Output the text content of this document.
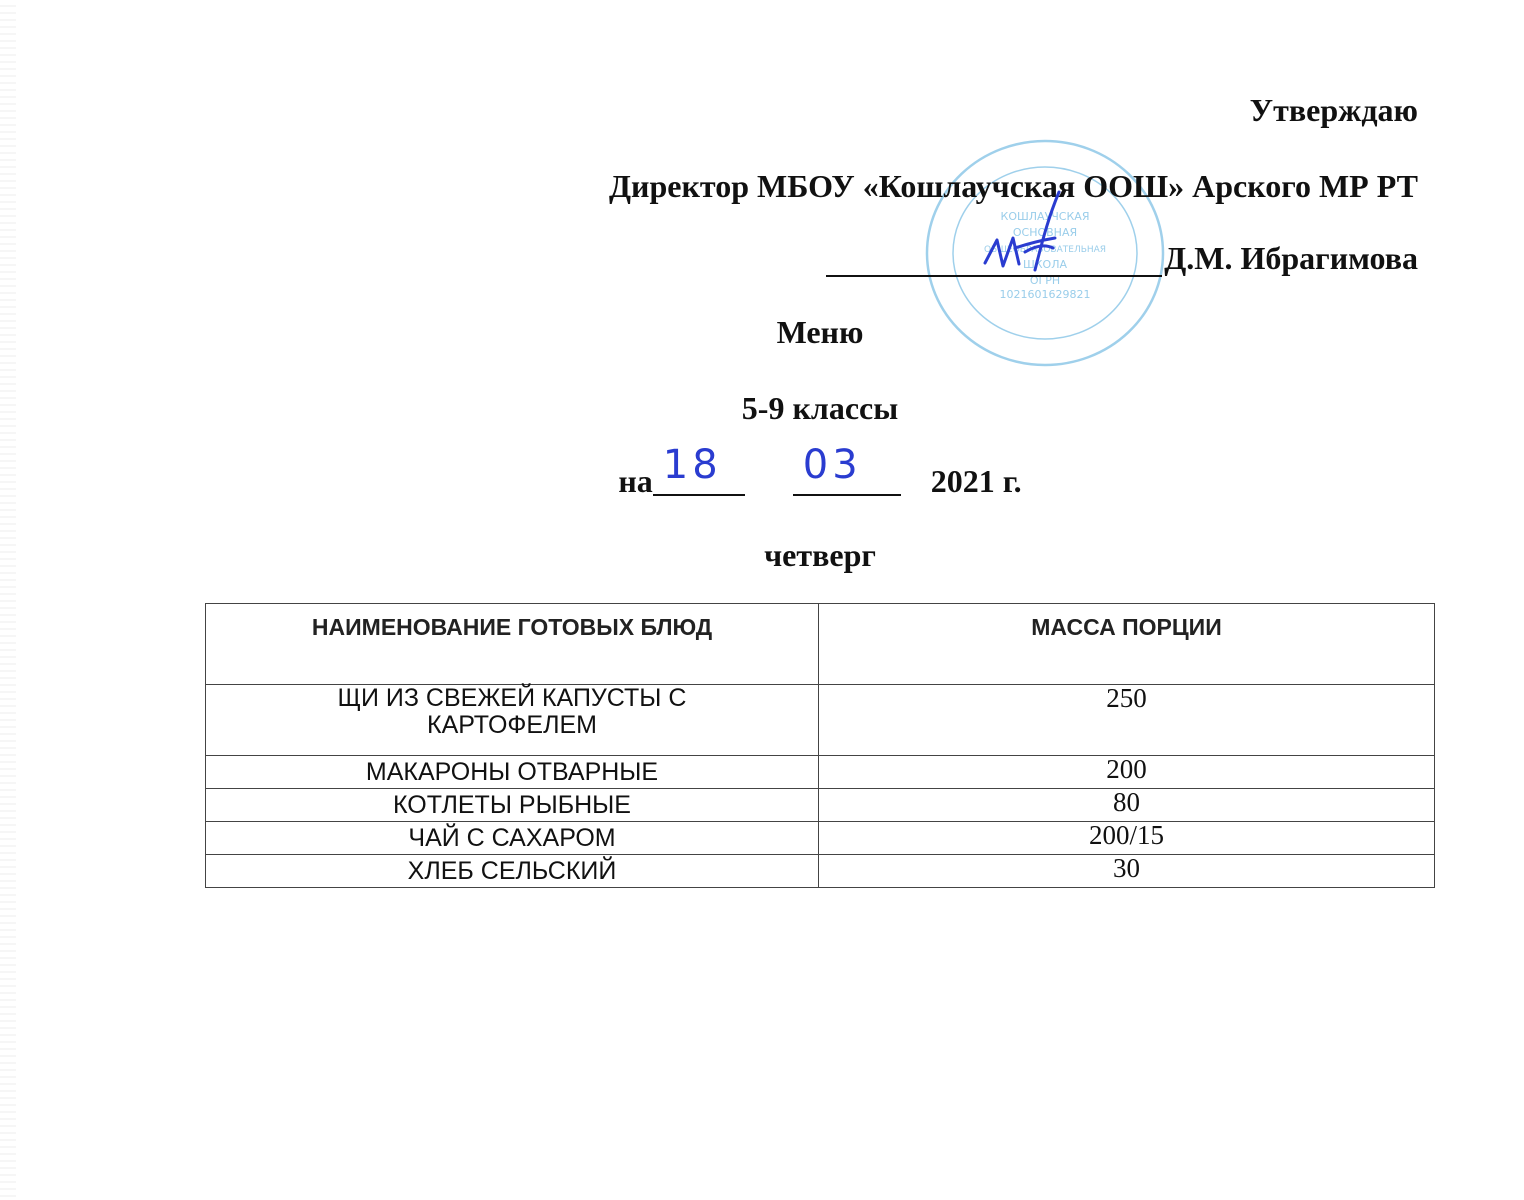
КОШЛАУЧСКАЯ
ОСНОВНАЯ
ОБЩЕОБРАЗОВАТЕЛЬНАЯ
ШКОЛА
ОГРН
1021601629821
Утверждаю
Директор МБОУ «Кошлаучская ООШ» Арского МР РТ
Д.М. Ибрагимова
Меню
5-9 классы
на 18 03 2021 г.
четверг
НАИМЕНОВАНИЕ ГОТОВЫХ БЛЮД	МАССА ПОРЦИИ

ЩИ ИЗ СВЕЖЕЙ КАПУСТЫ С
КАРТОФЕЛЕМ	250
МАКАРОНЫ ОТВАРНЫЕ	200
КОТЛЕТЫ РЫБНЫЕ	80
ЧАЙ С САХАРОМ	200/15
ХЛЕБ СЕЛЬСКИЙ	30
